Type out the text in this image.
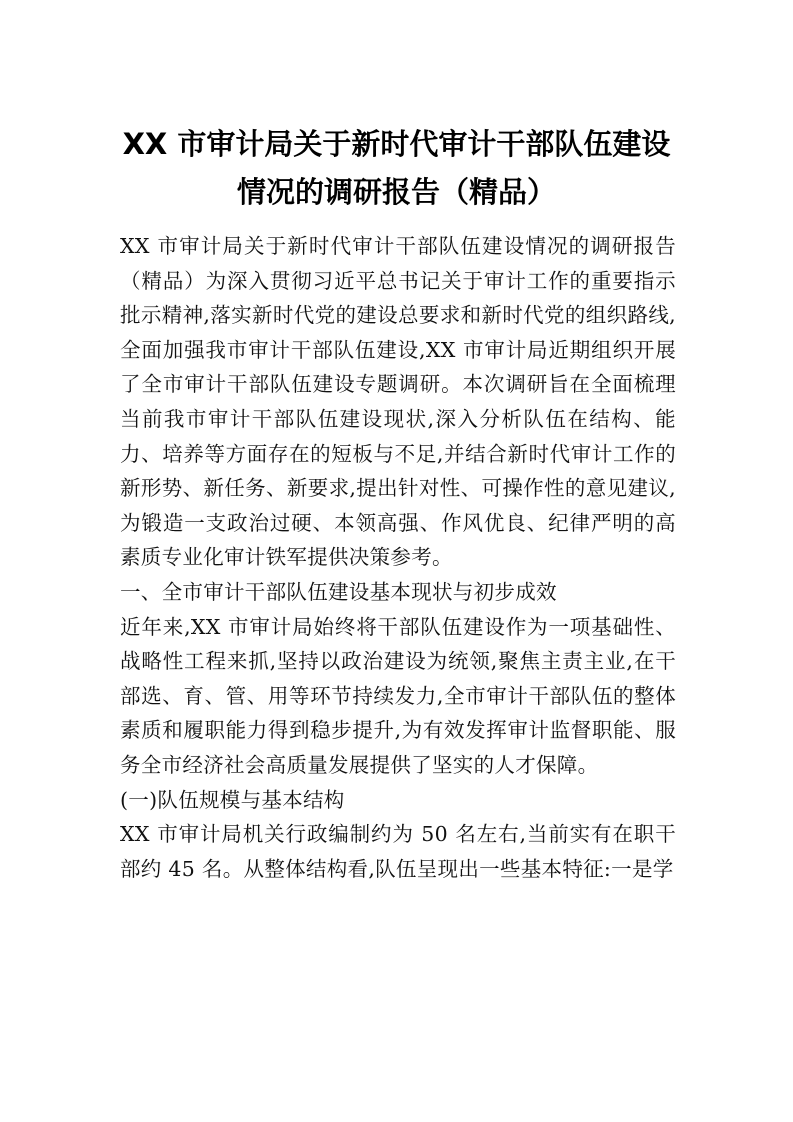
XX 市审计局关于新时代审计干部队伍建设
情况的调研报告（精品）

XX 市审计局关于新时代审计干部队伍建设情况的调研报告（精品）为深入贯彻习近平总书记关于审计工作的重要指示批示精神,落实新时代党的建设总要求和新时代党的组织路线,全面加强我市审计干部队伍建设,XX 市审计局近期组织开展了全市审计干部队伍建设专题调研。本次调研旨在全面梳理当前我市审计干部队伍建设现状,深入分析队伍在结构、能力、培养等方面存在的短板与不足,并结合新时代审计工作的新形势、新任务、新要求,提出针对性、可操作性的意见建议,为锻造一支政治过硬、本领高强、作风优良、纪律严明的高素质专业化审计铁军提供决策参考。

一、全市审计干部队伍建设基本现状与初步成效

近年来,XX 市审计局始终将干部队伍建设作为一项基础性、战略性工程来抓,坚持以政治建设为统领,聚焦主责主业,在干部选、育、管、用等环节持续发力,全市审计干部队伍的整体素质和履职能力得到稳步提升,为有效发挥审计监督职能、服务全市经济社会高质量发展提供了坚实的人才保障。

(一)队伍规模与基本结构

XX 市审计局机关行政编制约为 50 名左右,当前实有在职干部约 45 名。从整体结构看,队伍呈现出一些基本特征:一是学
